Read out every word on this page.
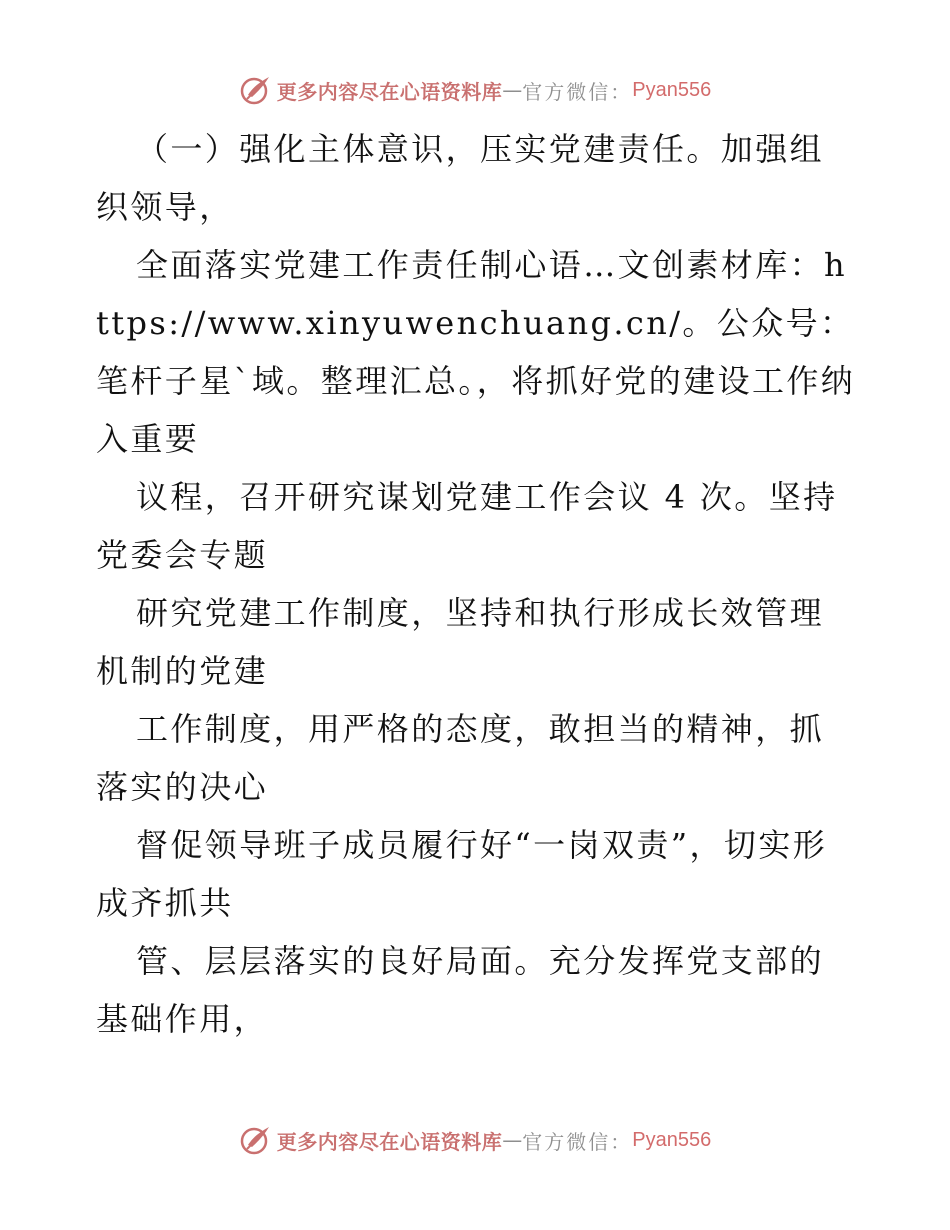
更多内容尽在心语资料库 — 官方微信： Pyan556

（一）强化主体意识，压实党建责任。加强组织领导，

全面落实党建工作责任制心语…文创素材库：https://www.xinyuwenchuang.cn/。公众号：笔杆子星`域。整理汇总。，将抓好党的建设工作纳入重要

议程，召开研究谋划党建工作会议 4 次。坚持党委会专题

研究党建工作制度，坚持和执行形成长效管理机制的党建

工作制度，用严格的态度，敢担当的精神，抓落实的决心

督促领导班子成员履行好“一岗双责”，切实形成齐抓共

管、层层落实的良好局面。充分发挥党支部的基础作用，

更多内容尽在心语资料库 — 官方微信： Pyan556
